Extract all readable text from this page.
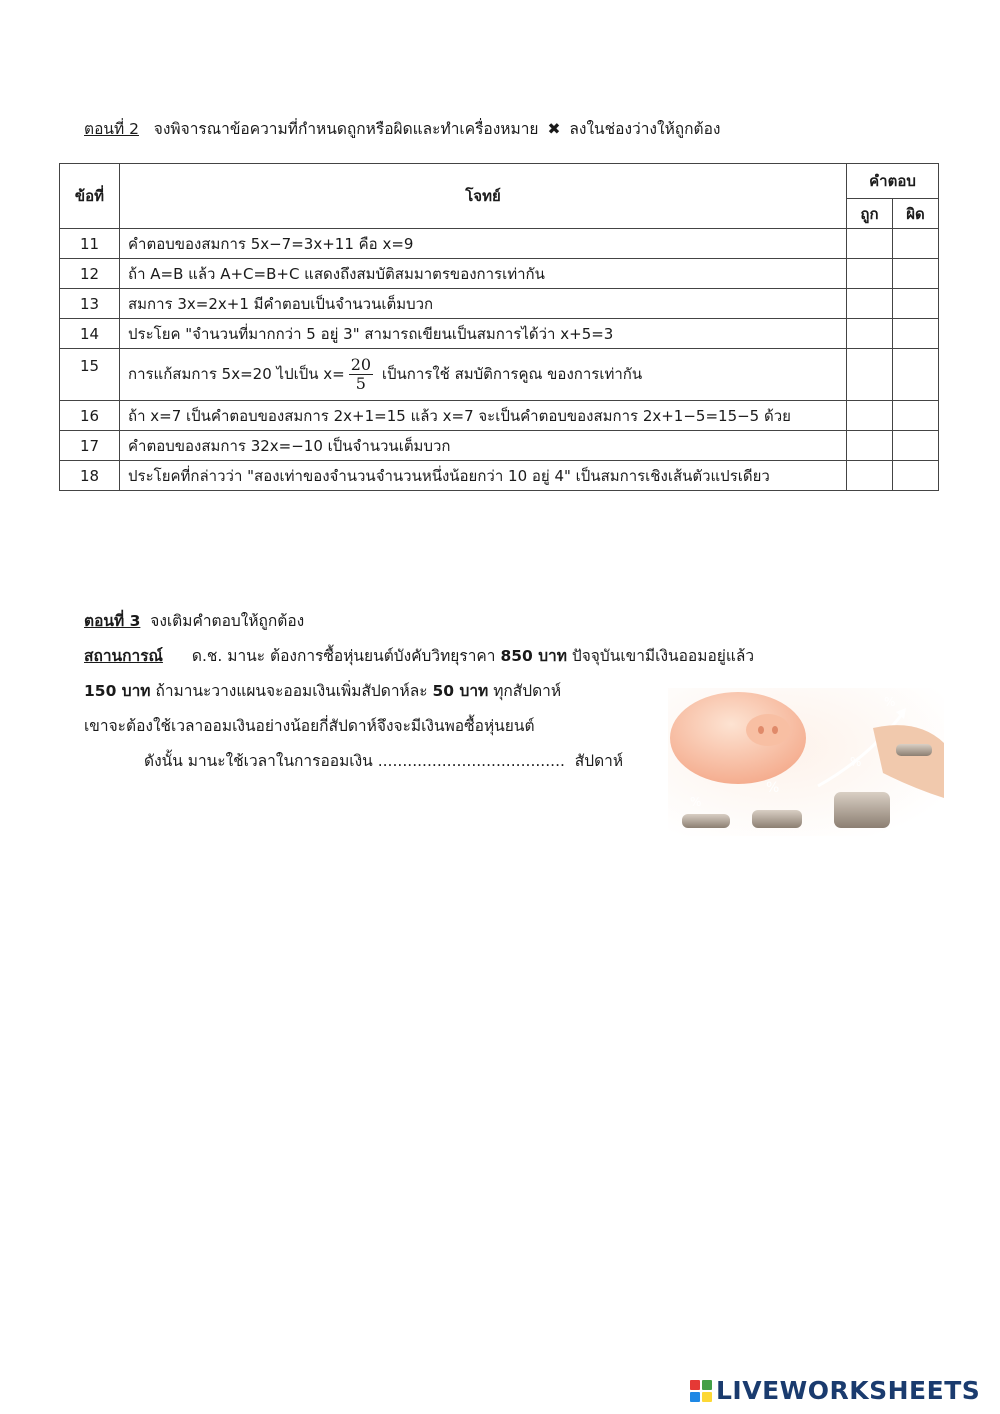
ตอนที่ 2 จงพิจารณาข้อความที่กำหนดถูกหรือผิดและทำเครื่องหมาย ✖ ลงในช่องว่างให้ถูกต้อง
ข้อที่	โจทย์	คำตอบ	
		ถูก	ผิด
11	คำตอบของสมการ 5x−7=3x+11 คือ x=9		
12	ถ้า A=B แล้ว A+C=B+C แสดงถึงสมบัติสมมาตรของการเท่ากัน		
13	สมการ 3x=2x+1 มีคำตอบเป็นจำนวนเต็มบวก		
14	ประโยค "จำนวนที่มากกว่า 5 อยู่ 3" สามารถเขียนเป็นสมการได้ว่า x+5=3		
15	การแก้สมการ 5x=20 ไปเป็น $x= \frac{20}{5}$ เป็นการใช้ สมบัติการคูณ ของการเท่ากัน		
16	ถ้า x=7 เป็นคำตอบของสมการ 2x+1=15 แล้ว x=7 จะเป็นคำตอบของสมการ 2x+1−5=15−5 ด้วย		
17	คำตอบของสมการ 32x=−10 เป็นจำนวนเต็มบวก		
18	ประโยคที่กล่าวว่า "สองเท่าของจำนวนจำนวนหนึ่งน้อยกว่า 10 อยู่ 4" เป็นสมการเชิงเส้นตัวแปรเดียว		
ตอนที่ 3 จงเติมคำตอบให้ถูกต้อง
สถานการณ์ ด.ช. มานะ ต้องการซื้อหุ่นยนต์บังคับวิทยุราคา 850 บาท ปัจจุบันเขามีเงินออมอยู่แล้ว
150 บาท ถ้ามานะวางแผนจะออมเงินเพิ่มสัปดาห์ละ 50 บาท ทุกสัปดาห์
เขาจะต้องใช้เวลาออมเงินอย่างน้อยกี่สัปดาห์จึงจะมีเงินพอซื้อหุ่นยนต์
ดังนั้น มานะใช้เวลาในการออมเงิน ...................................... สัปดาห์
%
%
%
%
LIVEWORKSHEETS
